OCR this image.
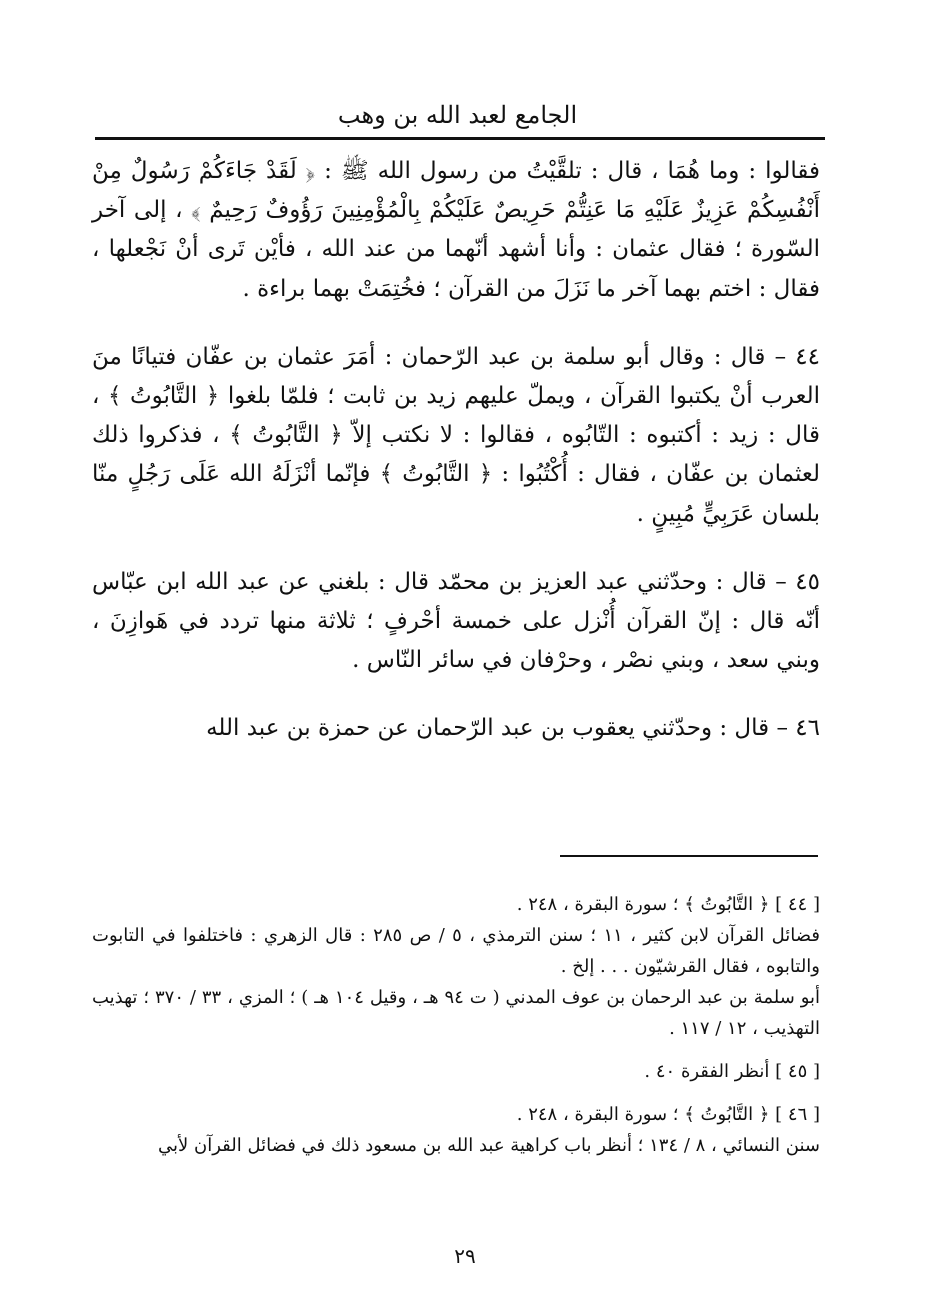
الجامع لعبد الله بن وهب

فقالوا : وما هُمَا ، قال : تلقَّيْتُ من رسول الله ﷺ : ﴿ لَقَدْ جَاءَكُمْ رَسُولٌ مِنْ أَنْفُسِكُمْ عَزِيزٌ عَلَيْهِ مَا عَنِتُّمْ حَرِيصٌ عَلَيْكُمْ بِالْمُؤْمِنِينَ رَؤُوفٌ رَحِيمٌ ﴾ ، إلى آخر السّورة ؛ فقال عثمان : وأنا أشهد أنّهما من عند الله ، فأيْن تَرى أنْ نَجْعلها ، فقال : اختم بهما آخر ما نَزَلَ من القرآن ؛ فخُتِمَتْ بهما براءة .

٤٤ – قال : وقال أبو سلمة بن عبد الرّحمان : أمَرَ عثمان بن عفّان فتيانًا منَ العرب أنْ يكتبوا القرآن ، ويملّ عليهم زيد بن ثابت ؛ فلمّا بلغوا ﴿ التَّابُوتُ ﴾ ، قال : زيد : أكتبوه : التّابُوه ، فقالوا : لا نكتب إلاّ ﴿ التَّابُوتُ ﴾ ، فذكروا ذلك لعثمان بن عفّان ، فقال : أُكْتُبُوا : ﴿ التَّابُوتُ ﴾ فإنّما أنْزَلَهُ الله عَلَى رَجُلٍ منّا بلسان عَرَبِيٍّ مُبِينٍ .

٤٥ – قال : وحدّثني عبد العزيز بن محمّد قال : بلغني عن عبد الله ابن عبّاس أنّه قال : إنّ القرآن أُنْزل على خمسة أحْرفٍ ؛ ثلاثة منها تردد في هَوازِنَ ، وبني سعد ، وبني نصْر ، وحرْفان في سائر النّاس .

٤٦ – قال : وحدّثني يعقوب بن عبد الرّحمان عن حمزة بن عبد الله

[ ٤٤ ] ﴿ التَّابُوتُ ﴾ ؛ سورة البقرة ، ٢٤٨ .

فضائل القرآن لابن كثير ، ١١ ؛ سنن الترمذي ، ٥ / ص ٢٨٥ : قال الزهري : فاختلفوا في التابوت والتابوه ، فقال القرشيّون . . . إلخ .

أبو سلمة بن عبد الرحمان بن عوف المدني ( ت ٩٤ هـ ، وقيل ١٠٤ هـ ) ؛ المزي ، ٣٣ / ٣٧٠ ؛ تهذيب التهذيب ، ١٢ / ١١٧ .

[ ٤٥ ] أنظر الفقرة ٤٠ .

[ ٤٦ ] ﴿ التَّابُوتُ ﴾ ؛ سورة البقرة ، ٢٤٨ .

سنن النسائي ، ٨ / ١٣٤ ؛ أنظر باب كراهية عبد الله بن مسعود ذلك في فضائل القرآن لأبي

٢٩
